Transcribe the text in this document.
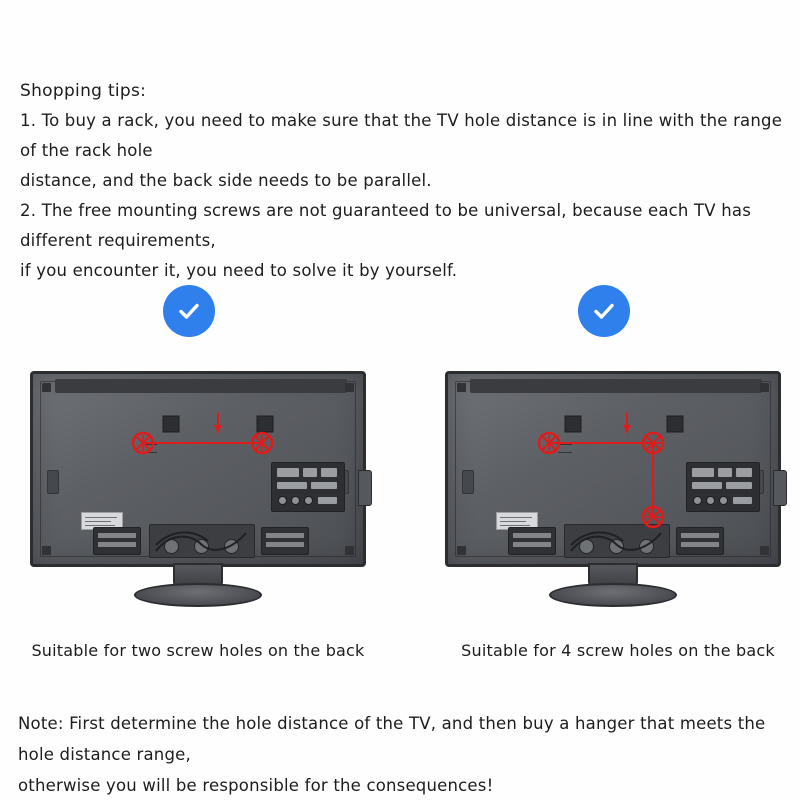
Shopping tips:
1. To buy a rack, you need to make sure that the TV hole distance is in line with the range of the rack hole
distance, and the back side needs to be parallel.
2. The free mounting screws are not guaranteed to be universal, because each TV has different requirements,
if you encounter it, you need to solve it by yourself.
Suitable for two screw holes on the back	Suitable for 4 screw holes on the back
Note: First determine the hole distance of the TV, and then buy a hanger that meets the hole distance range,
otherwise you will be responsible for the consequences!
